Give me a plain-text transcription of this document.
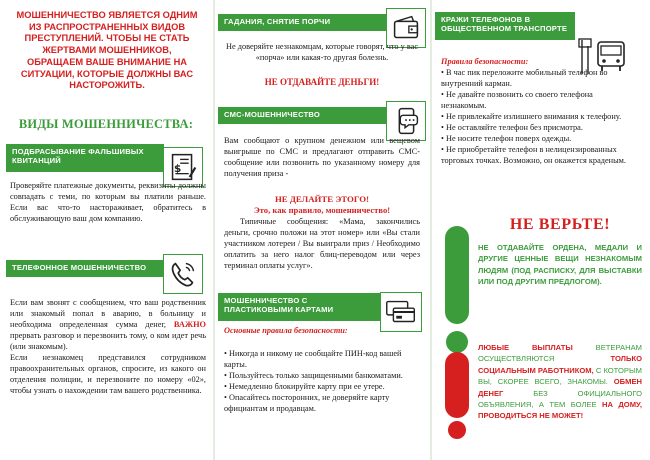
МОШЕННИЧЕСТВО ЯВЛЯЕТСЯ ОДНИМ ИЗ РАСПРОСТРАНЕННЫХ ВИДОВ ПРЕСТУПЛЕНИЙ. ЧТОБЫ НЕ СТАТЬ ЖЕРТВАМИ МОШЕННИКОВ, ОБРАЩАЕМ ВАШЕ ВНИМАНИЕ НА СИТУАЦИИ, КОТОРЫЕ ДОЛЖНЫ ВАС НАСТОРОЖИТЬ.
ВИДЫ МОШЕННИЧЕСТВА:
ПОДБРАСЫВАНИЕ ФАЛЬШИВЫХ КВИТАНЦИЙ
$
Проверяйте платежные документы, реквизиты должны совпадать с теми, по которым вы платили раньше. Если вас что-то настораживает, обратитесь в обслуживающую ваш дом компанию.
ТЕЛЕФОННОЕ МОШЕННИЧЕСТВО
Если вам звонят с сообщением, что ваш родственник или знакомый попал в аварию, в больницу и необходима определенная сумма денег, ВАЖНО прервать разговор и перезвонить тому, о ком идет речь (или знакомым).
Если незнакомец представился сотрудником правоохранительных органов, спросите, из какого он отделения полиции, и перезвоните по номеру «02», чтобы узнать о нахождении там вашего родственника.
ГАДАНИЯ, СНЯТИЕ ПОРЧИ
Не доверяйте незнакомцам, которые говорят, что у вас «порча» или какая-то другая болезнь.
НЕ ОТДАВАЙТЕ ДЕНЬГИ!
СМС-МОШЕННИЧЕСТВО
Вам сообщают о крупном денежном или вещевом выигрыше по СМС и предлагают отправить СМС-сообщение или позвонить по указанному номеру для получения приза -
НЕ ДЕЛАЙТЕ ЭТОГО!
Это, как правило, мошенничество!
Типичные сообщения: «Мама, закончились деньги, срочно положи на этот номер» или «Вы стали участником лотереи / Вы выиграли приз / Необходимо оплатить за него налог блиц-переводом или через терминал оплаты услуг».
МОШЕННИЧЕСТВО С ПЛАСТИКОВЫМИ КАРТАМИ
Основные правила безопасности:
• Никогда и никому не сообщайте ПИН-код вашей карты.
• Пользуйтесь только защищенными банкоматами.
• Немедленно блокируйте карту при ее утере.
• Опасайтесь посторонних, не доверяйте карту официантам и продавцам.
КРАЖИ ТЕЛЕФОНОВ В ОБЩЕСТВЕННОМ ТРАНСПОРТЕ
Правила безопасности:
• В час пик переложите мобильный телефон во внутренний карман.
• Не давайте позвонить со своего телефона незнакомым.
• Не привлекайте излишнего внимания к телефону.
• Не оставляйте телефон без присмотра.
• Не носите телефон поверх одежды.
• Не приобретайте телефон в нелицензированных торговых точках. Возможно, он окажется краденым.
НЕ ВЕРЬТЕ!
НЕ ОТДАВАЙТЕ ОРДЕНА, МЕДАЛИ И ДРУГИЕ ЦЕННЫЕ ВЕЩИ НЕЗНАКОМЫМ ЛЮДЯМ (ПОД РАСПИСКУ, ДЛЯ ВЫСТАВКИ ИЛИ ПОД ДРУГИМ ПРЕДЛОГОМ).
ЛЮБЫЕ ВЫПЛАТЫ ВЕТЕРАНАМ ОСУЩЕСТВЛЯЮТСЯ ТОЛЬКО СОЦИАЛЬНЫМ РАБОТНИКОМ, С КОТОРЫМ ВЫ, СКОРЕЕ ВСЕГО, ЗНАКОМЫ. ОБМЕН ДЕНЕГ БЕЗ ОФИЦИАЛЬНОГО ОБЪЯВЛЕНИЯ, А ТЕМ БОЛЕЕ НА ДОМУ, ПРОВОДИТЬСЯ НЕ МОЖЕТ!
